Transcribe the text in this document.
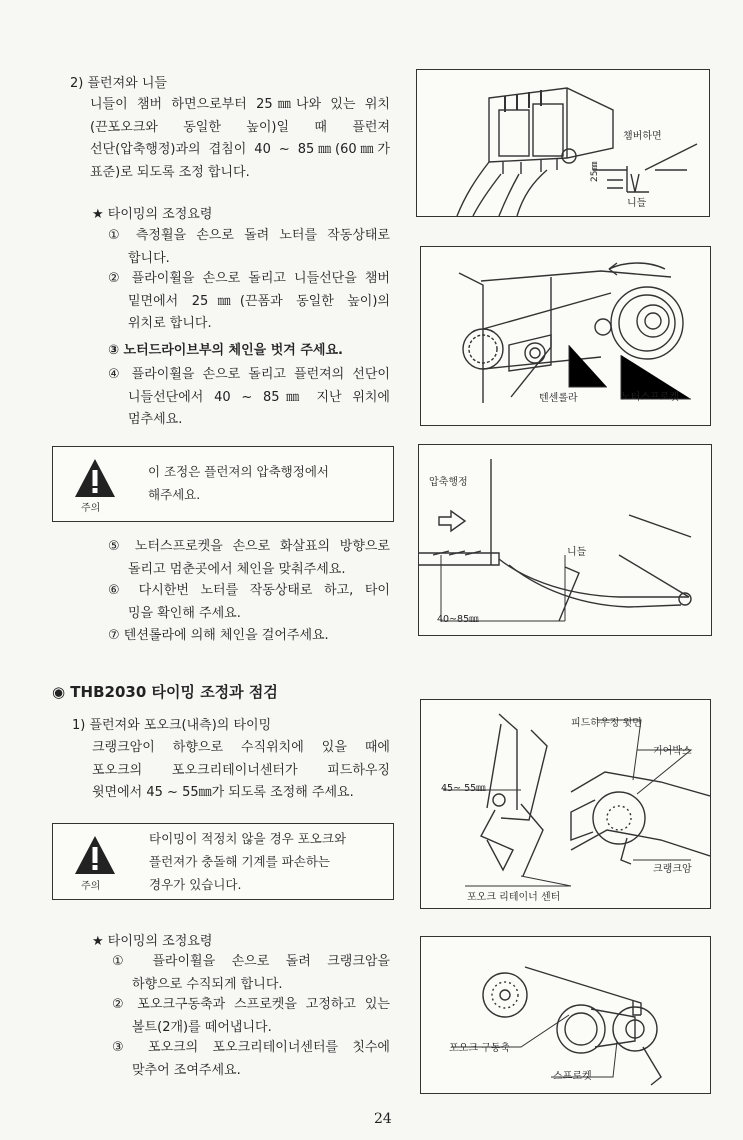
2) 플런져와 니들
니들이 챔버 하면으로부터 25㎜나와 있는 위치
(끈포오크와 동일한 높이)일 때 플런져
선단(압축행정)과의 겹침이 40 ~ 85㎜(60㎜가
표준)로 되도록 조정 합니다.
★ 타이밍의 조정요령
① 측정휠을 손으로 돌려 노터를 작동상태로
합니다.
② 플라이휠을 손으로 돌리고 니들선단을 챔버
밑면에서 25㎜(끈폼과 동일한 높이)의
위치로 합니다.
③ 노터드라이브부의 체인을 벗겨 주세요.
④ 플라이휠을 손으로 돌리고 플런져의 선단이
니들선단에서 40 ~ 85㎜ 지난 위치에
멈추세요.
주의
이 조정은 플런져의 압축행정에서
해주세요.
⑤ 노터스프로켓을 손으로 화살표의 방향으로
돌리고 멈춘곳에서 체인을 맞춰주세요.
⑥ 다시한번 노터를 작동상태로 하고, 타이
밍을 확인해 주세요.
⑦ 텐션롤라에 의해 체인을 걸어주세요.
◉ THB2030 타이밍 조정과 점검
1) 플런져와 포오크(내측)의 타이밍
크랭크암이 하향으로 수직위치에 있을 때에
포오크의 포오크리테이너센터가 피드하우징
윗면에서 45 ~ 55㎜가 되도록 조정해 주세요.
주의
타이밍이 적정치 않을 경우 포오크와
플런져가 충돌해 기계를 파손하는
경우가 있습니다.
★ 타이밍의 조정요령
① 플라이휠을 손으로 돌려 크랭크암을
하향으로 수직되게 합니다.
② 포오크구동축과 스프로켓을 고정하고 있는
볼트(2개)를 떼어냅니다.
③ 포오크의 포오크리테이너센터를 칫수에
맞추어 조여주세요.
챔버하면
25㎜
니들
텐센롤라	노터스프로켓
압축행정
니들
40~85㎜
피드하우징 윗면
기어박스
45~ 55㎜
크랭크암
포오크 리테이너 센터
포오크 구동축
스프로켓
24
